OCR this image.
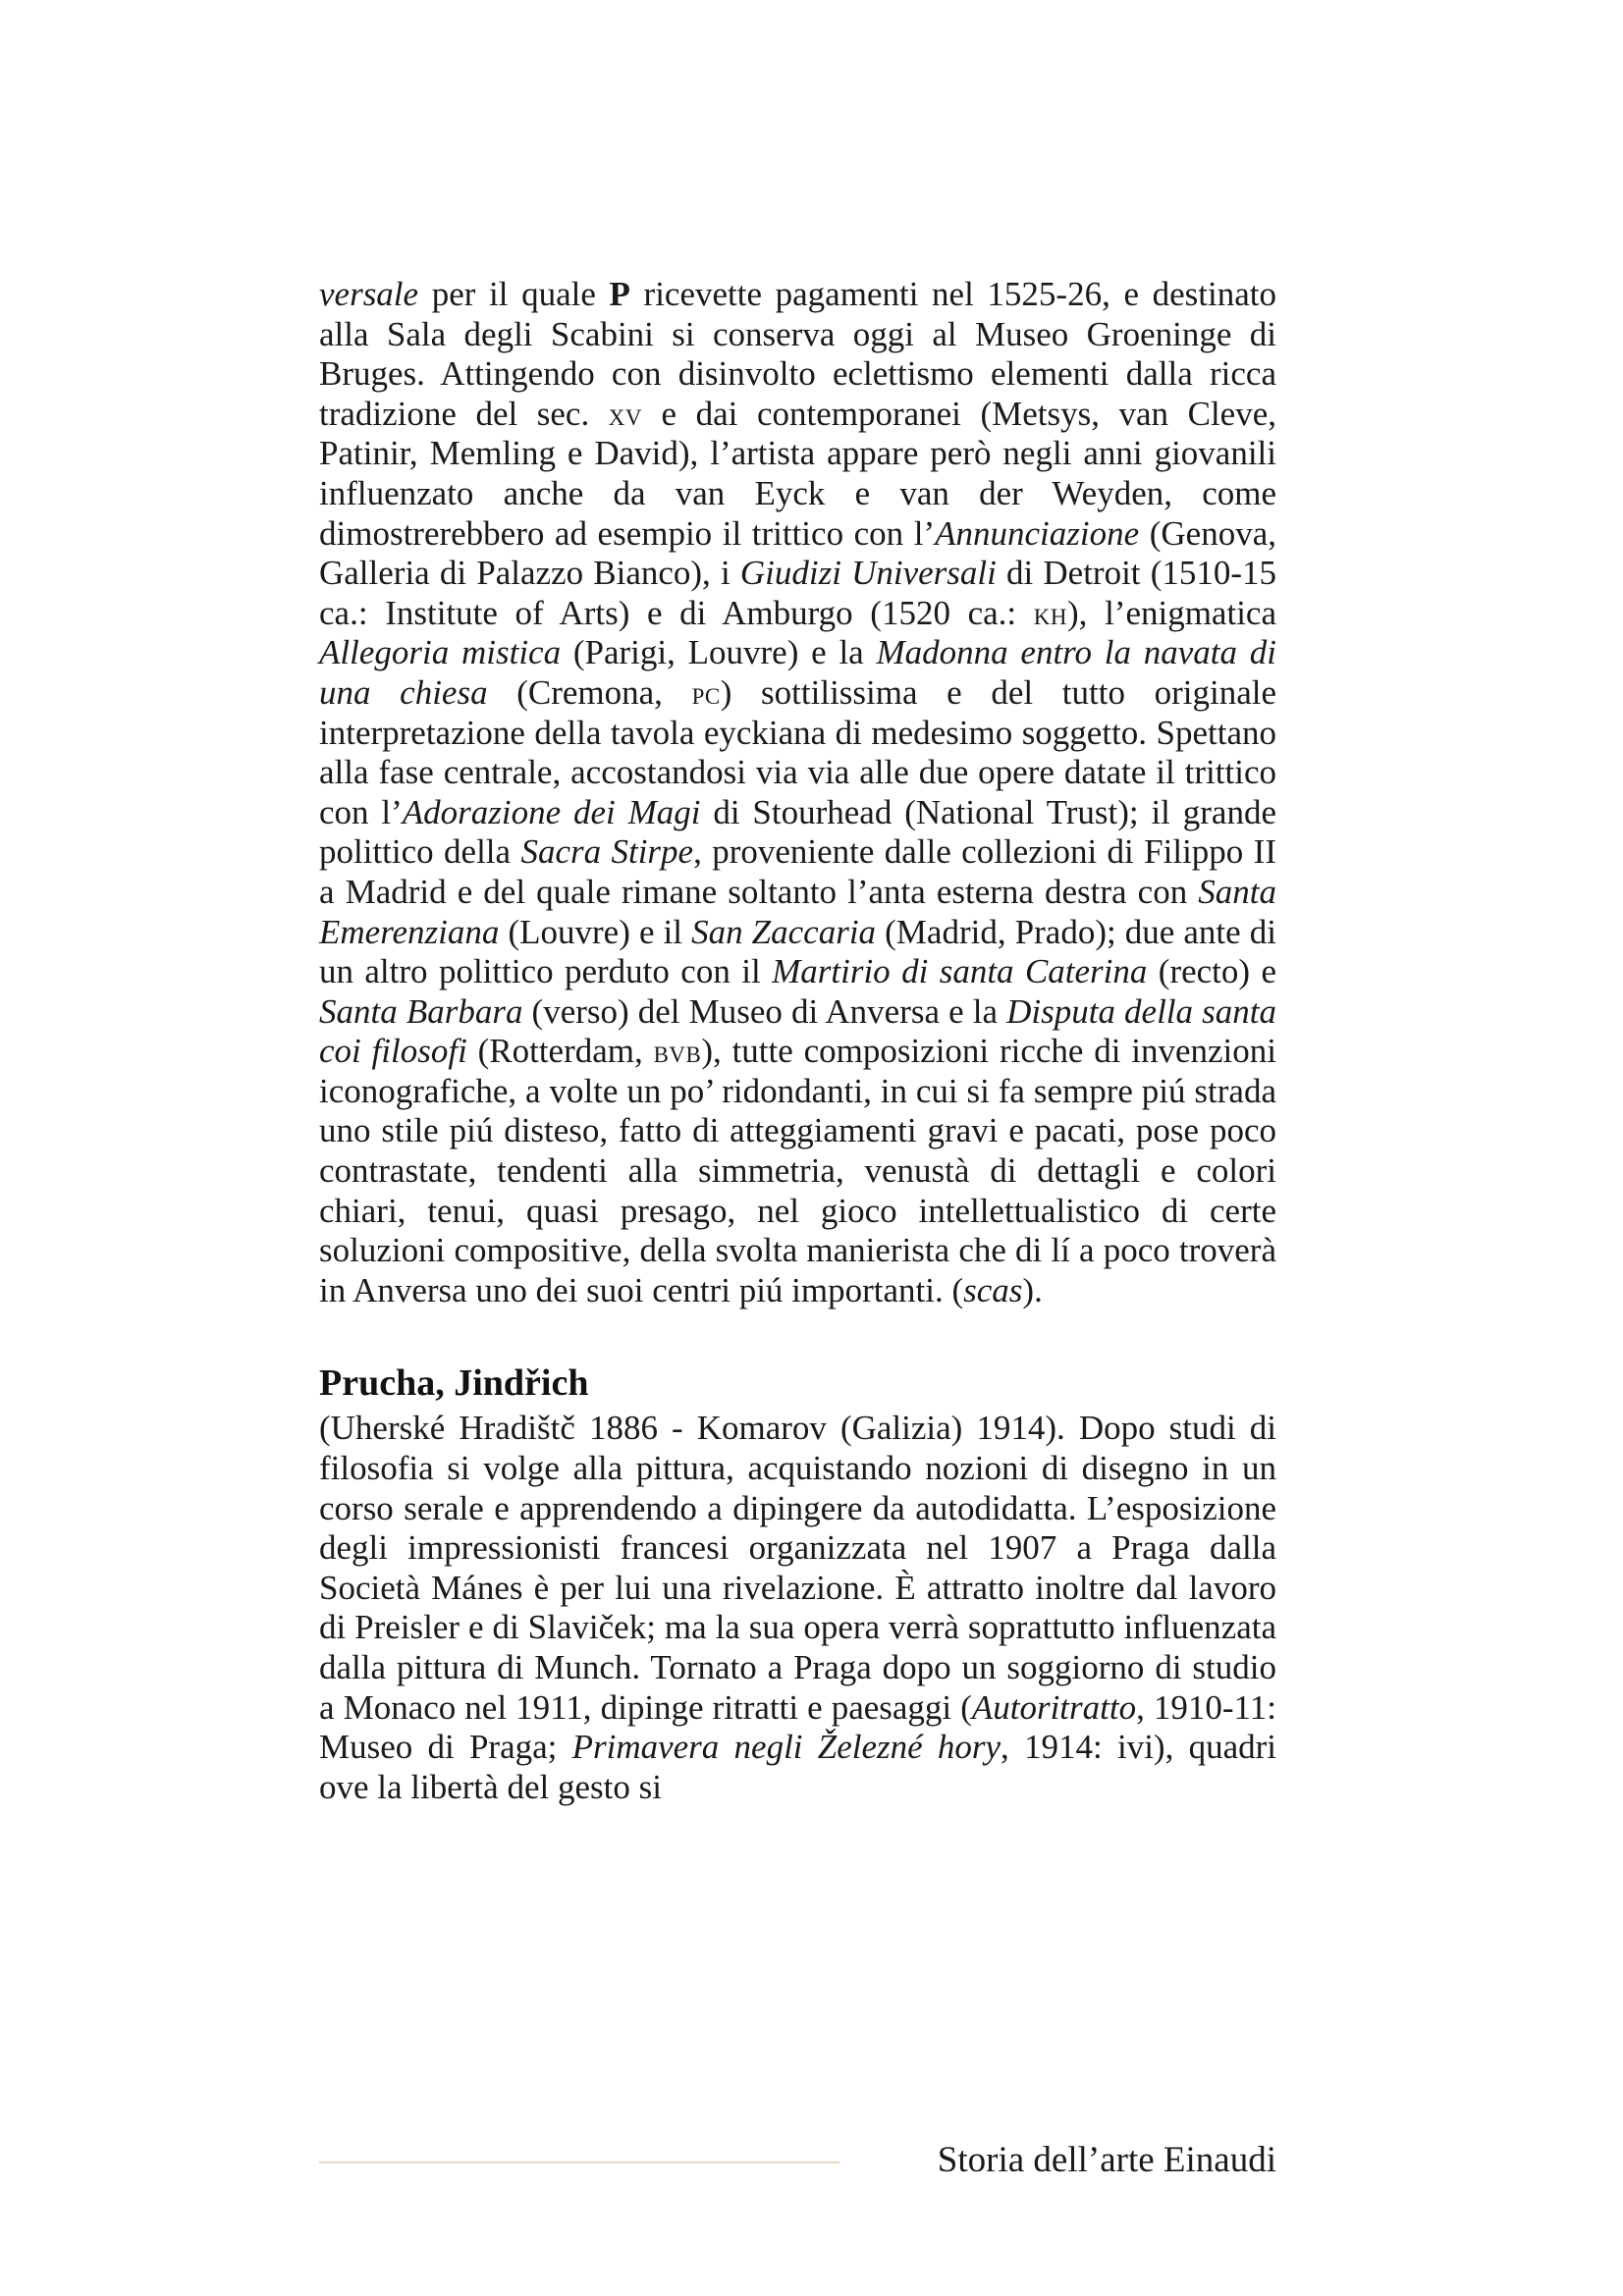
versale per il quale P ricevette pagamenti nel 1525-26, e destinato alla Sala degli Scabini si conserva oggi al Museo Groeninge di Bruges. Attingendo con disinvolto eclettismo elementi dalla ricca tradizione del sec. xv e dai contemporanei (Metsys, van Cleve, Patinir, Memling e David), l’artista appare però negli anni giovanili influenzato anche da van Eyck e van der Weyden, come dimostrerebbero ad esempio il trittico con l’Annunciazione (Genova, Galleria di Palazzo Bianco), i Giudizi Universali di Detroit (1510-15 ca.: Institute of Arts) e di Amburgo (1520 ca.: kh), l’enigmatica Allegoria mistica (Parigi, Louvre) e la Madonna entro la navata di una chiesa (Cremona, pc) sottilissima e del tutto originale interpretazione della tavola eyckiana di medesimo soggetto. Spettano alla fase centrale, accostandosi via via alle due opere datate il trittico con l’Adorazione dei Magi di Stourhead (National Trust); il grande polittico della Sacra Stirpe, proveniente dalle collezioni di Filippo II a Madrid e del quale rimane soltanto l’anta esterna destra con Santa Emerenziana (Louvre) e il San Zaccaria (Madrid, Prado); due ante di un altro polittico perduto con il Martirio di santa Caterina (recto) e Santa Barbara (verso) del Museo di Anversa e la Disputa della santa coi filosofi (Rotterdam, bvb), tutte composizioni ricche di invenzioni iconografiche, a volte un po’ ridondanti, in cui si fa sempre piú strada uno stile piú disteso, fatto di atteggiamenti gravi e pacati, pose poco contrastate, tendenti alla simmetria, venustà di dettagli e colori chiari, tenui, quasi presago, nel gioco intellettualistico di certe soluzioni compositive, della svolta manierista che di lí a poco troverà in Anversa uno dei suoi centri piú importanti. (scas).

Prucha, Jindřich

(Uherské Hradištč 1886 - Komarov (Galizia) 1914). Dopo studi di filosofia si volge alla pittura, acquistando nozioni di disegno in un corso serale e apprendendo a dipingere da autodidatta. L’esposizione degli impressionisti francesi organizzata nel 1907 a Praga dalla Società Mánes è per lui una rivelazione. È attratto inoltre dal lavoro di Preisler e di Slaviček; ma la sua opera verrà soprattutto influenzata dalla pittura di Munch. Tornato a Praga dopo un soggiorno di studio a Monaco nel 1911, dipinge ritratti e paesaggi (Autoritratto, 1910-11: Museo di Praga; Primavera negli Železné hory, 1914: ivi), quadri ove la libertà del gesto si

Storia dell’arte Einaudi
